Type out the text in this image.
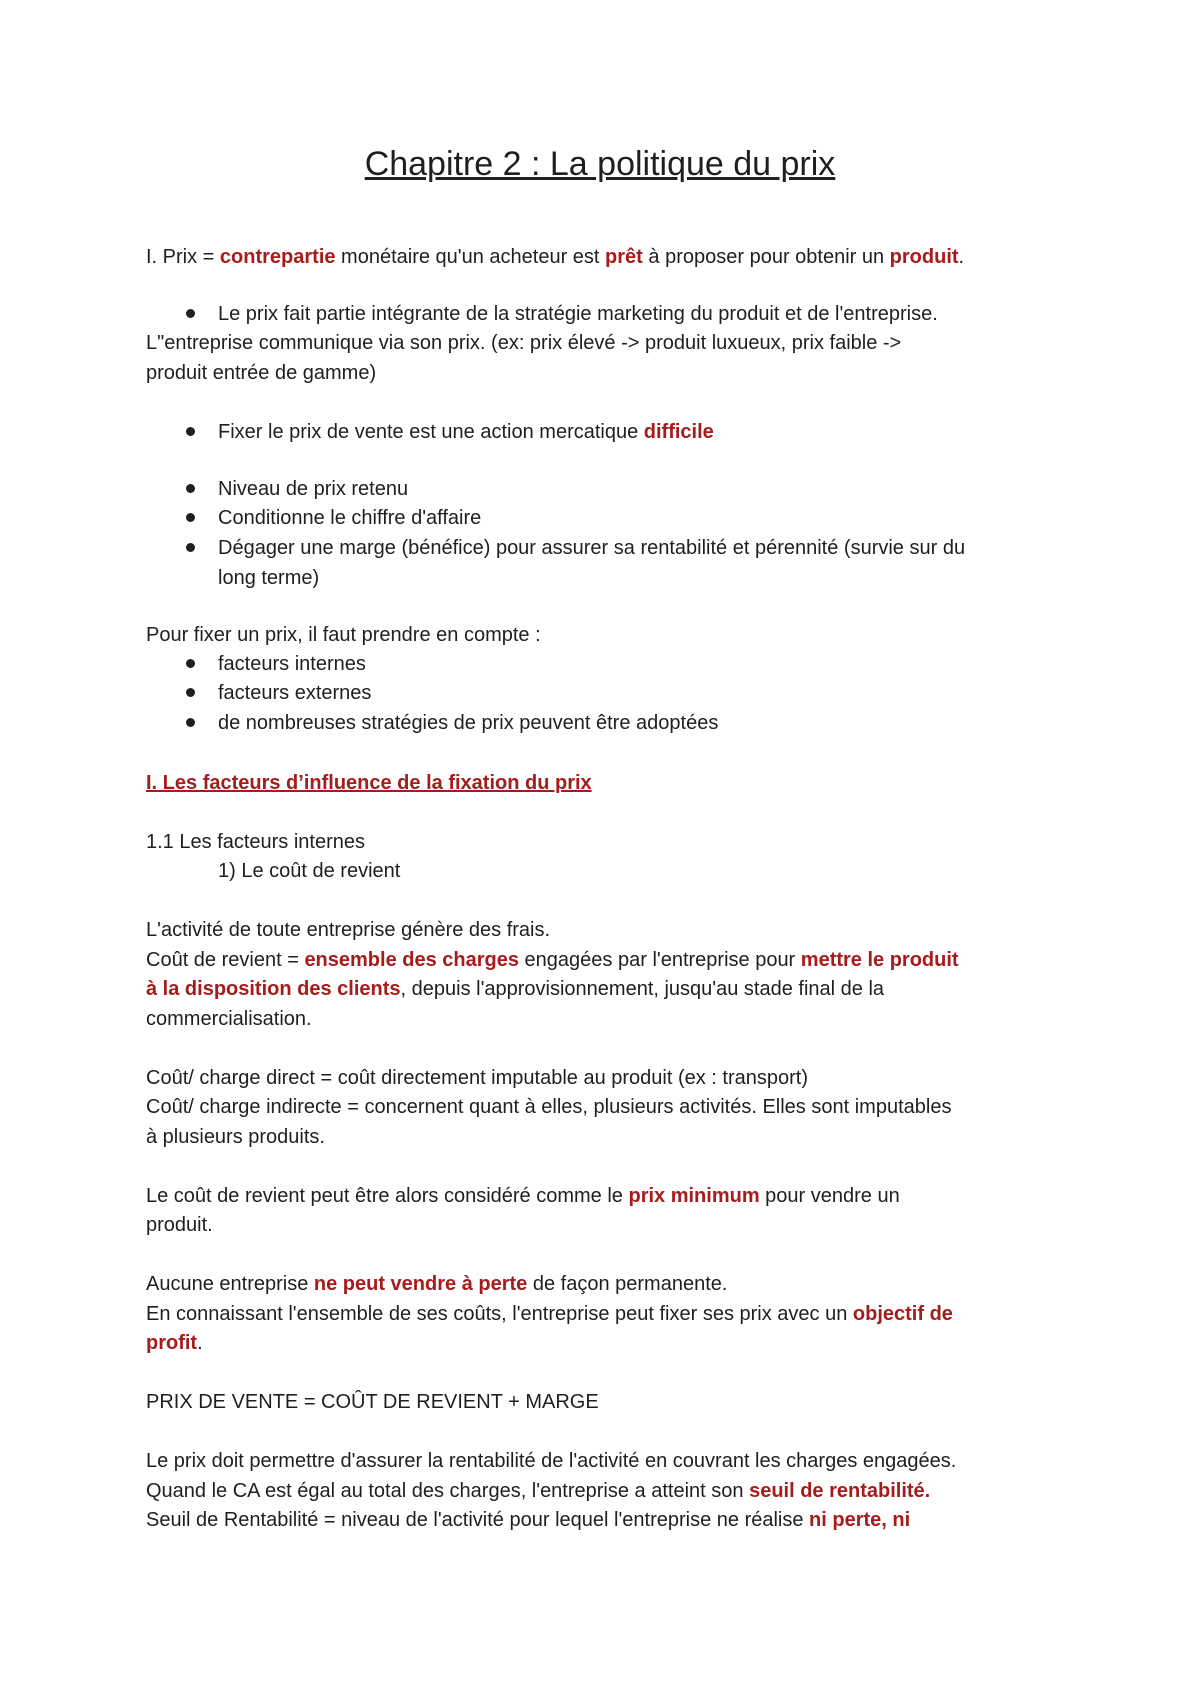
Chapitre 2 : La politique du prix
I. Prix = contrepartie monétaire qu'un acheteur est prêt à proposer pour obtenir un produit.
Le prix fait partie intégrante de la stratégie marketing du produit et de l'entreprise.
L"entreprise communique via son prix. (ex: prix élevé -> produit luxueux, prix faible ->
produit entrée de gamme)
Fixer le prix de vente est une action mercatique difficile
Niveau de prix retenu
Conditionne le chiffre d'affaire
Dégager une marge (bénéfice) pour assurer sa rentabilité et pérennité (survie sur du
long terme)
Pour fixer un prix, il faut prendre en compte :
facteurs internes
facteurs externes
de nombreuses stratégies de prix peuvent être adoptées
I. Les facteurs d’influence de la fixation du prix
1.1 Les facteurs internes
1) Le coût de revient
L'activité de toute entreprise génère des frais.
Coût de revient = ensemble des charges engagées par l'entreprise pour mettre le produit
à la disposition des clients, depuis l'approvisionnement, jusqu'au stade final de la
commercialisation.
Coût/ charge direct = coût directement imputable au produit (ex : transport)
Coût/ charge indirecte = concernent quant à elles, plusieurs activités. Elles sont imputables
à plusieurs produits.
Le coût de revient peut être alors considéré comme le prix minimum pour vendre un
produit.
Aucune entreprise ne peut vendre à perte de façon permanente.
En connaissant l'ensemble de ses coûts, l'entreprise peut fixer ses prix avec un objectif de
profit.
PRIX DE VENTE = COÛT DE REVIENT + MARGE
Le prix doit permettre d'assurer la rentabilité de l'activité en couvrant les charges engagées.
Quand le CA est égal au total des charges, l'entreprise a atteint son seuil de rentabilité.
Seuil de Rentabilité = niveau de l'activité pour lequel l'entreprise ne réalise ni perte, ni
